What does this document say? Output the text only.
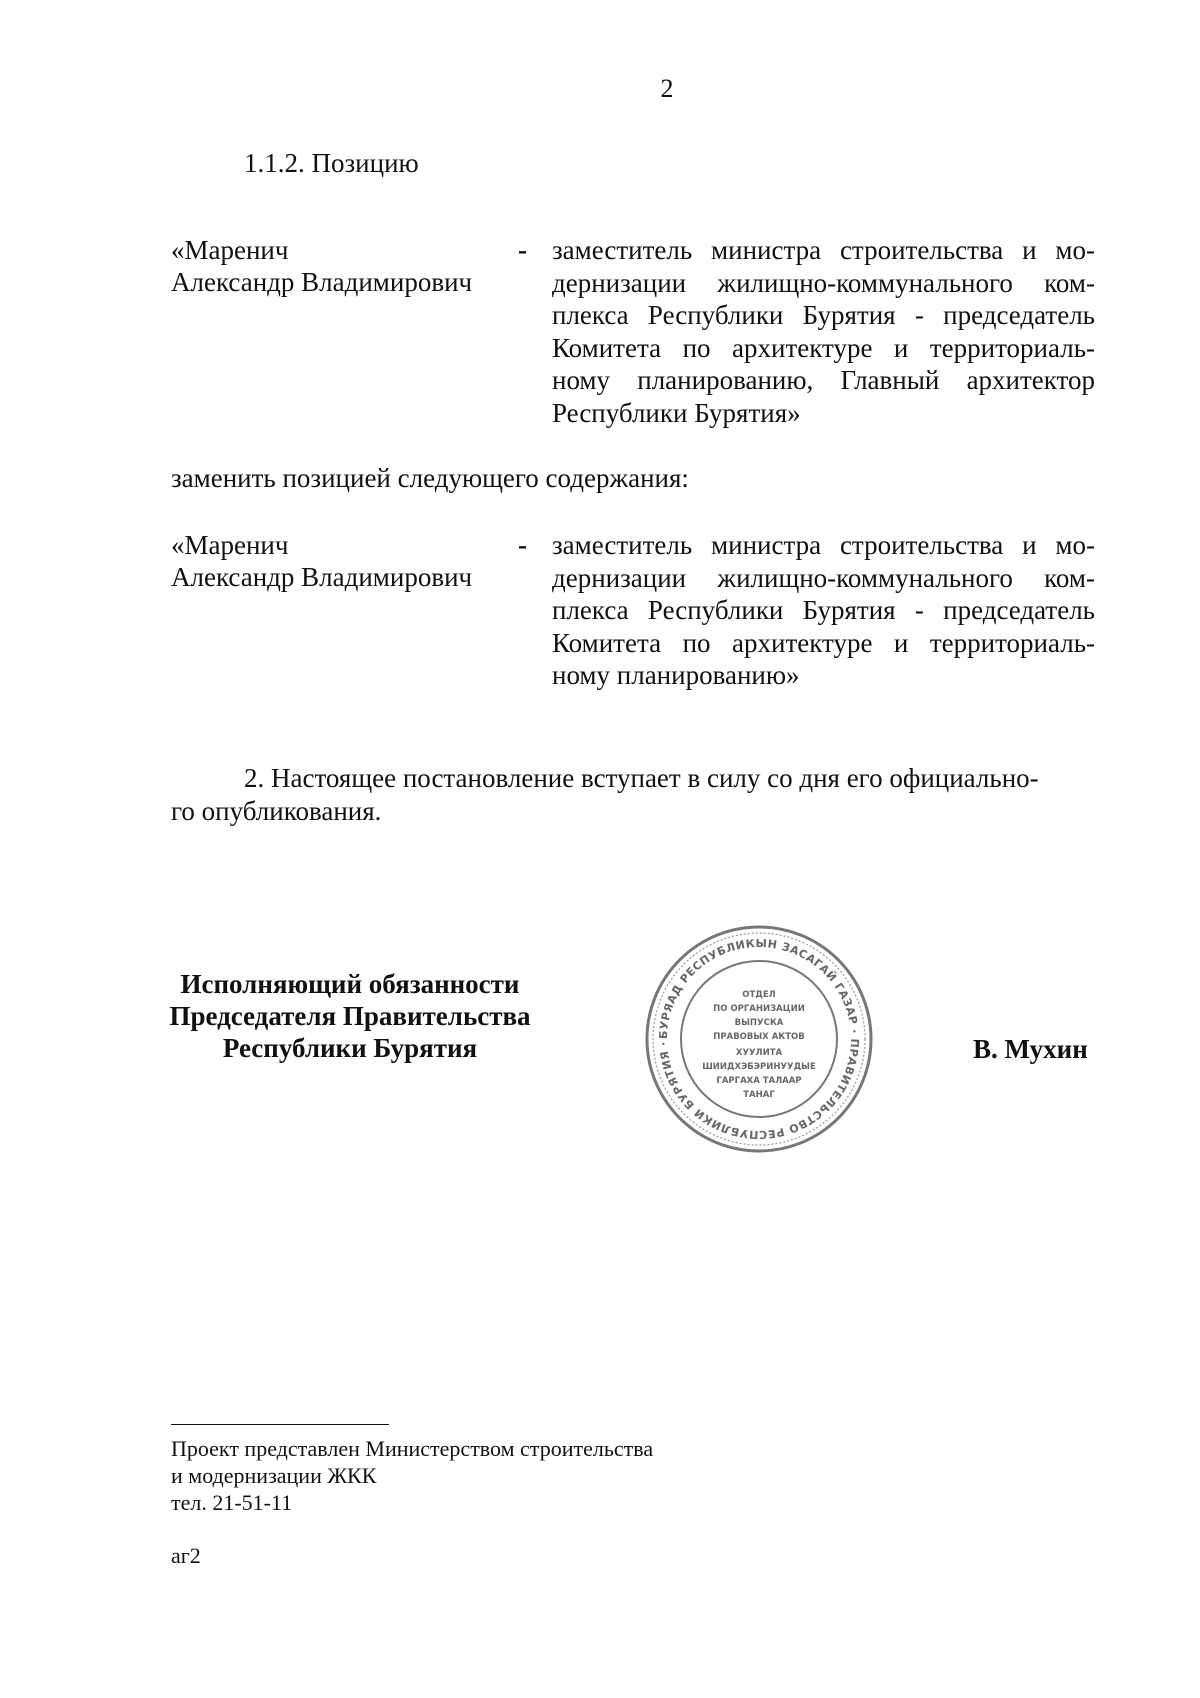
2
1.1.2. Позицию
«Маренич
Александр Владимирович
- заместитель министра строительства и мо-
дернизации жилищно-коммунального ком-
плекса Республики Бурятия - председатель
Комитета по архитектуре и территориаль-
ному планированию, Главный архитектор
Республики Бурятия»
заменить позицией следующего содержания:
«Маренич
Александр Владимирович
- заместитель министра строительства и мо-
дернизации жилищно-коммунального ком-
плекса Республики Бурятия - председатель
Комитета по архитектуре и территориаль-
ному планированию»
2. Настоящее постановление вступает в силу со дня его официально-
го опубликования.
Исполняющий обязанности
Председателя Правительства
Республики Бурятия	В. Мухин
БУРЯАД РЕСПУБЛИКЫН ЗАСАГАЙ ГАЗАР · ПРАВИТЕЛЬСТВО РЕСПУБЛИКИ БУРЯТИЯ ·
ОТДЕЛ
ПО ОРГАНИЗАЦИИ
ВЫПУСКА
ПРАВОВЫХ АКТОВ
ХУУЛИТА
ШИИДХЭБЭРИНУУДЫЕ
ГАРГАХА ТАЛААР
ТАНАГ
Проект представлен Министерством строительства
и модернизации ЖКК
тел. 21-51-11
аг2
